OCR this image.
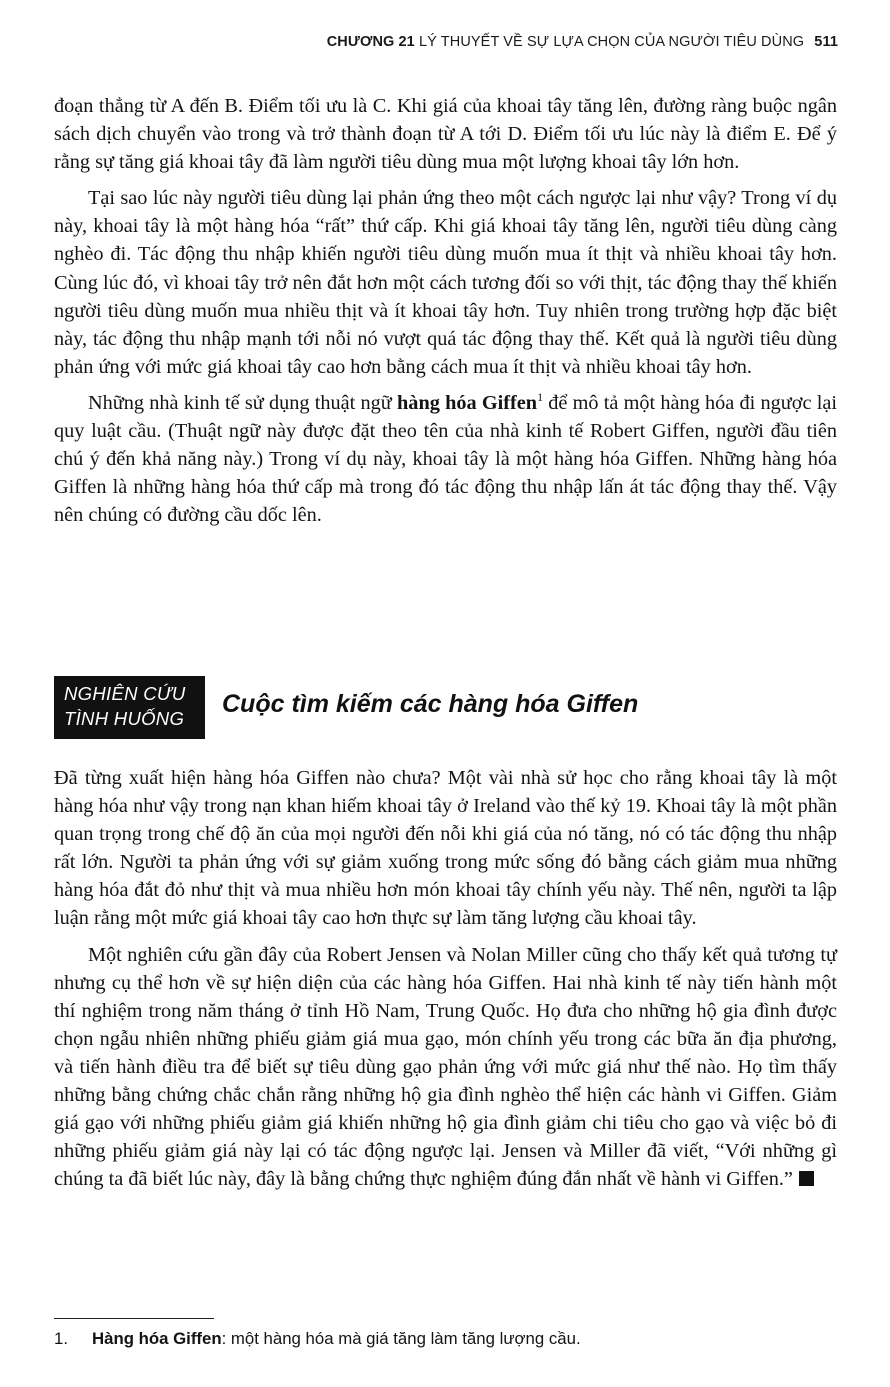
CHƯƠNG 21 LÝ THUYẾT VỀ SỰ LỰA CHỌN CỦA NGƯỜI TIÊU DÙNG 511

đoạn thẳng từ A đến B. Điểm tối ưu là C. Khi giá của khoai tây tăng lên, đường ràng buộc ngân sách dịch chuyển vào trong và trở thành đoạn từ A tới D. Điểm tối ưu lúc này là điểm E. Để ý rằng sự tăng giá khoai tây đã làm người tiêu dùng mua một lượng khoai tây lớn hơn.

Tại sao lúc này người tiêu dùng lại phản ứng theo một cách ngược lại như vậy? Trong ví dụ này, khoai tây là một hàng hóa “rất” thứ cấp. Khi giá khoai tây tăng lên, người tiêu dùng càng nghèo đi. Tác động thu nhập khiến người tiêu dùng muốn mua ít thịt và nhiều khoai tây hơn. Cùng lúc đó, vì khoai tây trở nên đắt hơn một cách tương đối so với thịt, tác động thay thế khiến người tiêu dùng muốn mua nhiều thịt và ít khoai tây hơn. Tuy nhiên trong trường hợp đặc biệt này, tác động thu nhập mạnh tới nỗi nó vượt quá tác động thay thế. Kết quả là người tiêu dùng phản ứng với mức giá khoai tây cao hơn bằng cách mua ít thịt và nhiều khoai tây hơn.

Những nhà kinh tế sử dụng thuật ngữ hàng hóa Giffen$^1$ để mô tả một hàng hóa đi ngược lại quy luật cầu. (Thuật ngữ này được đặt theo tên của nhà kinh tế Robert Giffen, người đầu tiên chú ý đến khả năng này.) Trong ví dụ này, khoai tây là một hàng hóa Giffen. Những hàng hóa Giffen là những hàng hóa thứ cấp mà trong đó tác động thu nhập lấn át tác động thay thế. Vậy nên chúng có đường cầu dốc lên.

NGHIÊN CỨU
TÌNH HUỐNG
Cuộc tìm kiếm các hàng hóa Giffen

Đã từng xuất hiện hàng hóa Giffen nào chưa? Một vài nhà sử học cho rằng khoai tây là một hàng hóa như vậy trong nạn khan hiếm khoai tây ở Ireland vào thế kỷ 19. Khoai tây là một phần quan trọng trong chế độ ăn của mọi người đến nỗi khi giá của nó tăng, nó có tác động thu nhập rất lớn. Người ta phản ứng với sự giảm xuống trong mức sống đó bằng cách giảm mua những hàng hóa đắt đỏ như thịt và mua nhiều hơn món khoai tây chính yếu này. Thế nên, người ta lập luận rằng một mức giá khoai tây cao hơn thực sự làm tăng lượng cầu khoai tây.

Một nghiên cứu gần đây của Robert Jensen và Nolan Miller cũng cho thấy kết quả tương tự nhưng cụ thể hơn về sự hiện diện của các hàng hóa Giffen. Hai nhà kinh tế này tiến hành một thí nghiệm trong năm tháng ở tỉnh Hồ Nam, Trung Quốc. Họ đưa cho những hộ gia đình được chọn ngẫu nhiên những phiếu giảm giá mua gạo, món chính yếu trong các bữa ăn địa phương, và tiến hành điều tra để biết sự tiêu dùng gạo phản ứng với mức giá như thế nào. Họ tìm thấy những bằng chứng chắc chắn rằng những hộ gia đình nghèo thể hiện các hành vi Giffen. Giảm giá gạo với những phiếu giảm giá khiến những hộ gia đình giảm chi tiêu cho gạo và việc bỏ đi những phiếu giảm giá này lại có tác động ngược lại. Jensen và Miller đã viết, “Với những gì chúng ta đã biết lúc này, đây là bằng chứng thực nghiệm đúng đắn nhất về hành vi Giffen.”

1. Hàng hóa Giffen: một hàng hóa mà giá tăng làm tăng lượng cầu.
